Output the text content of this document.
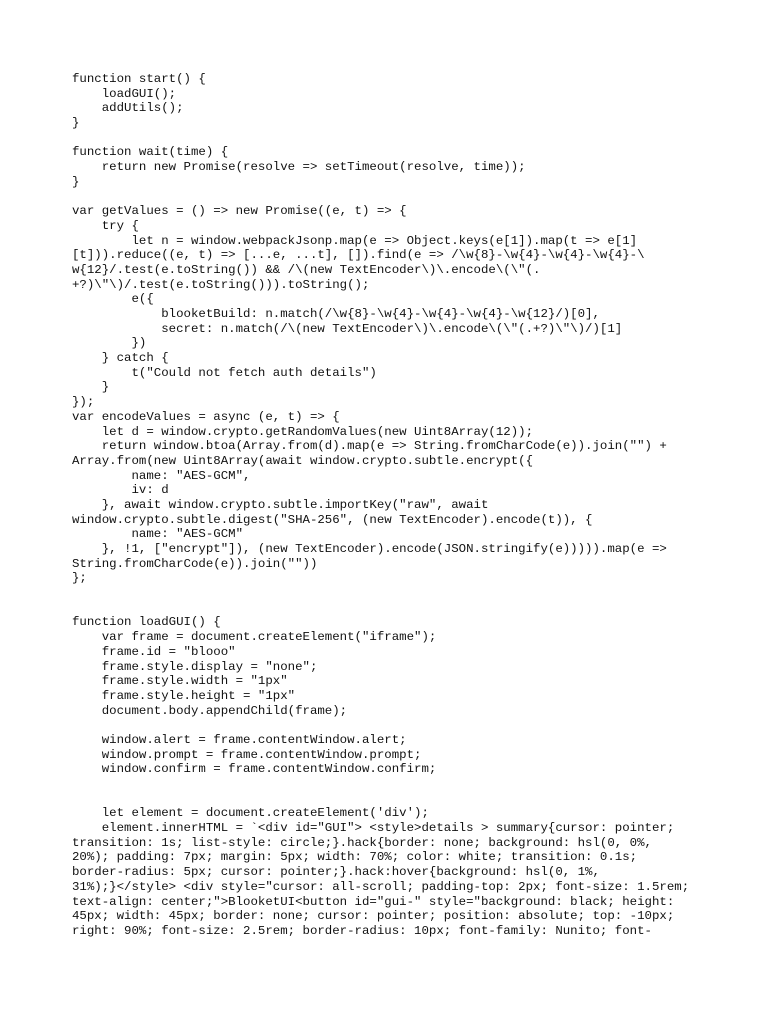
function start() {
loadGUI();
addUtils();
}
function wait(time) {
return new Promise(resolve => setTimeout(resolve, time));
}
var getValues = () => new Promise((e, t) => {
try {
let n = window.webpackJsonp.map(e => Object.keys(e[1]).map(t => e[1]
[t])).reduce((e, t) => [...e, ...t], []).find(e => /\w{8}-\w{4}-\w{4}-\w{4}-\
w{12}/.test(e.toString()) && /\(new TextEncoder\)\.encode\(\"(.
+?)\"\)/.test(e.toString())).toString();
e({
blooketBuild: n.match(/\w{8}-\w{4}-\w{4}-\w{4}-\w{12}/)[0],
secret: n.match(/\(new TextEncoder\)\.encode\(\"(.+?)\"\)/)[1]
})
} catch {
t("Could not fetch auth details")
}
});
var encodeValues = async (e, t) => {
let d = window.crypto.getRandomValues(new Uint8Array(12));
return window.btoa(Array.from(d).map(e => String.fromCharCode(e)).join("") +
Array.from(new Uint8Array(await window.crypto.subtle.encrypt({
name: "AES-GCM",
iv: d
}, await window.crypto.subtle.importKey("raw", await
window.crypto.subtle.digest("SHA-256", (new TextEncoder).encode(t)), {
name: "AES-GCM"
}, !1, ["encrypt"]), (new TextEncoder).encode(JSON.stringify(e))))).map(e =>
String.fromCharCode(e)).join(""))
};
function loadGUI() {
var frame = document.createElement("iframe");
frame.id = "blooo"
frame.style.display = "none";
frame.style.width = "1px"
frame.style.height = "1px"
document.body.appendChild(frame);
window.alert = frame.contentWindow.alert;
window.prompt = frame.contentWindow.prompt;
window.confirm = frame.contentWindow.confirm;
let element = document.createElement('div');
element.innerHTML = `<div id="GUI"> <style>details > summary{cursor: pointer;
transition: 1s; list-style: circle;}.hack{border: none; background: hsl(0, 0%,
20%); padding: 7px; margin: 5px; width: 70%; color: white; transition: 0.1s;
border-radius: 5px; cursor: pointer;}.hack:hover{background: hsl(0, 1%,
31%);}</style> <div style="cursor: all-scroll; padding-top: 2px; font-size: 1.5rem;
text-align: center;">BlooketUI<button id="gui-" style="background: black; height:
45px; width: 45px; border: none; cursor: pointer; position: absolute; top: -10px;
right: 90%; font-size: 2.5rem; border-radius: 10px; font-family: Nunito; font-
